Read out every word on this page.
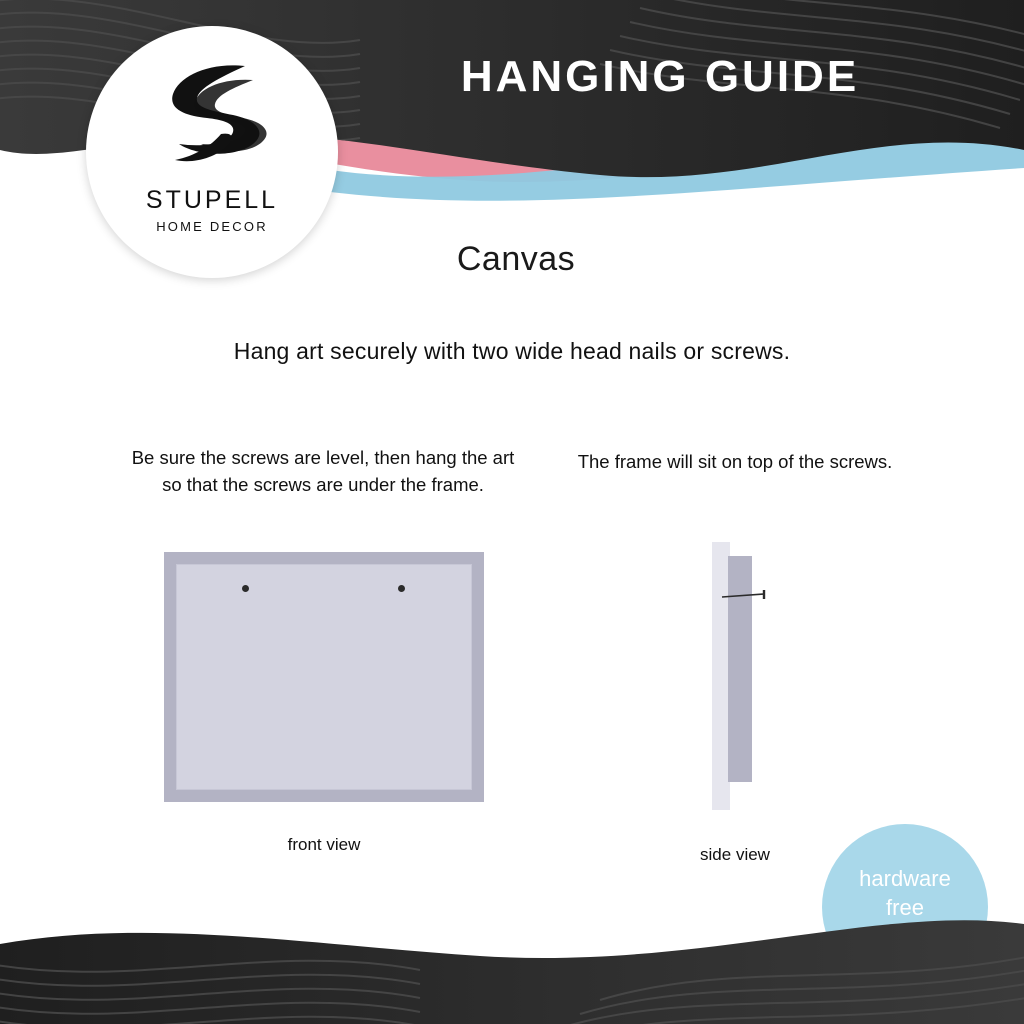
HANGING GUIDE
STUPELL
HOME DECOR
Canvas
Hang art securely with two wide head nails or screws.
Be sure the screws are level, then hang the art so that the screws are under the frame.
front view
The frame will sit on top of the screws.
side view
hardware
free
